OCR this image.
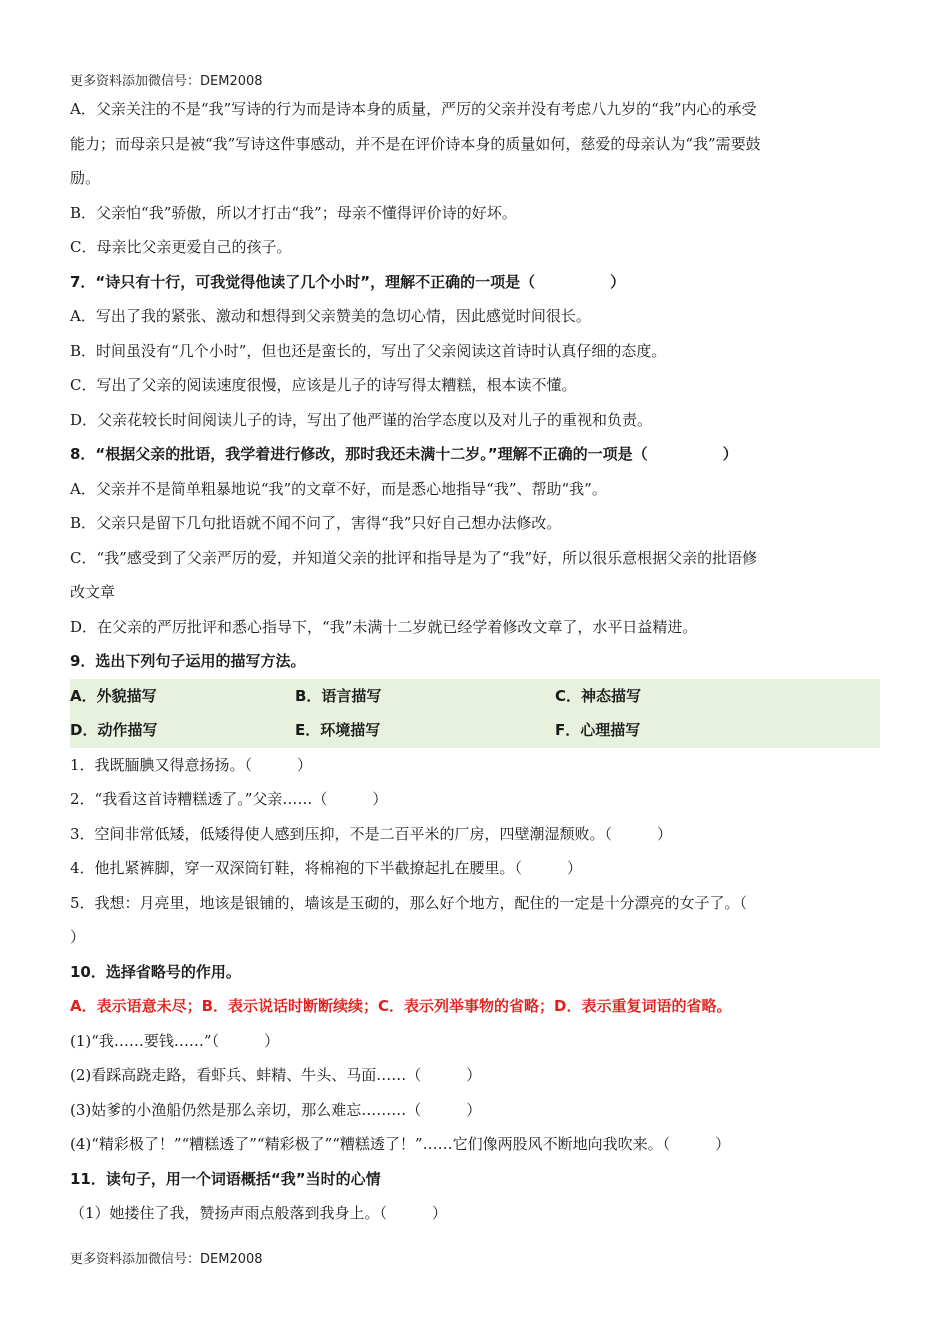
更多资料添加微信号：DEM2008
A．父亲关注的不是“我”写诗的行为而是诗本身的质量，严厉的父亲并没有考虑八九岁的“我”内心的承受
能力；而母亲只是被“我”写诗这件事感动，并不是在评价诗本身的质量如何，慈爱的母亲认为“我”需要鼓
励。
B．父亲怕“我”骄傲，所以才打击“我”；母亲不懂得评价诗的好坏。
C．母亲比父亲更爱自己的孩子。
7．“诗只有十行，可我觉得他读了几个小时”，理解不正确的一项是（　　　　　）
A．写出了我的紧张、激动和想得到父亲赞美的急切心情，因此感觉时间很长。
B．时间虽没有“几个小时”，但也还是蛮长的，写出了父亲阅读这首诗时认真仔细的态度。
C．写出了父亲的阅读速度很慢，应该是儿子的诗写得太糟糕，根本读不懂。
D．父亲花较长时间阅读儿子的诗，写出了他严谨的治学态度以及对儿子的重视和负责。
8．“根据父亲的批语，我学着进行修改，那时我还未满十二岁。”理解不正确的一项是（　　　　　）
A．父亲并不是简单粗暴地说“我”的文章不好，而是悉心地指导“我”、帮助“我”。
B．父亲只是留下几句批语就不闻不问了，害得“我”只好自己想办法修改。
C．“我”感受到了父亲严厉的爱，并知道父亲的批评和指导是为了“我”好，所以很乐意根据父亲的批语修
改文章
D．在父亲的严厉批评和悉心指导下，“我”未满十二岁就已经学着修改文章了，水平日益精进。
9．选出下列句子运用的描写方法。
A．外貌描写	B．语言描写	C．神态描写
D．动作描写	E．环境描写	F．心理描写
1．我既腼腆又得意扬扬。（　　　）
2．“我看这首诗糟糕透了。”父亲……（　　　）
3．空间非常低矮，低矮得使人感到压抑，不是二百平米的厂房，四壁潮湿颓败。（　　　）
4．他扎紧裤脚，穿一双深筒钉鞋，将棉袍的下半截撩起扎在腰里。（　　　）
5．我想：月亮里，地该是银铺的，墙该是玉砌的，那么好个地方，配住的一定是十分漂亮的女子了。（
）
10．选择省略号的作用。
A．表示语意未尽；B．表示说话时断断续续；C．表示列举事物的省略；D．表示重复词语的省略。
(1)“我……要钱……”（　　　）
(2)看踩高跷走路，看虾兵、蚌精、牛头、马面……（　　　）
(3)姑爹的小渔船仍然是那么亲切，那么难忘………（　　　）
(4)“精彩极了！”“糟糕透了”“精彩极了”“糟糕透了！”……它们像两股风不断地向我吹来。（　　　）
11．读句子，用一个词语概括“我”当时的心情
（1）她搂住了我，赞扬声雨点般落到我身上。（　　　）
更多资料添加微信号：DEM2008
